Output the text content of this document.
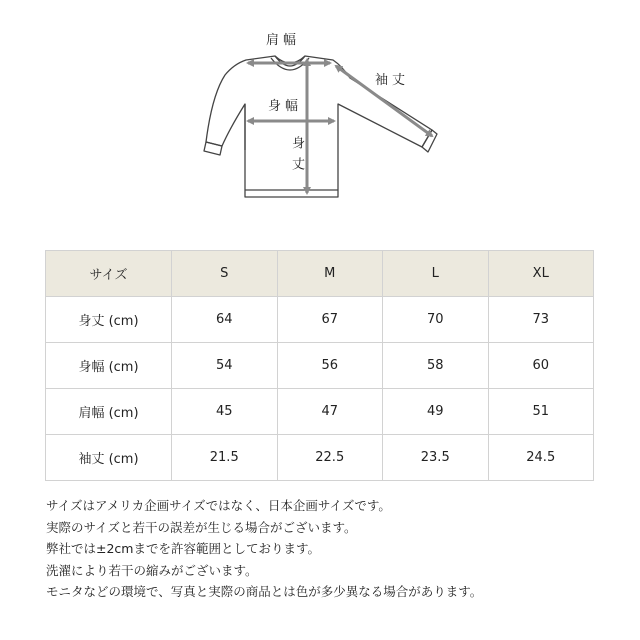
肩幅
袖丈
身幅
身丈
サイズ	S	M	L	XL
身丈 (cm)	64	67	70	73
身幅 (cm)	54	56	58	60
肩幅 (cm)	45	47	49	51
袖丈 (cm)	21.5	22.5	23.5	24.5
サイズはアメリカ企画サイズではなく、日本企画サイズです。
実際のサイズと若干の誤差が生じる場合がございます。
弊社では±2cmまでを許容範囲としております。
洗濯により若干の縮みがございます。
モニタなどの環境で、写真と実際の商品とは色が多少異なる場合があります。
